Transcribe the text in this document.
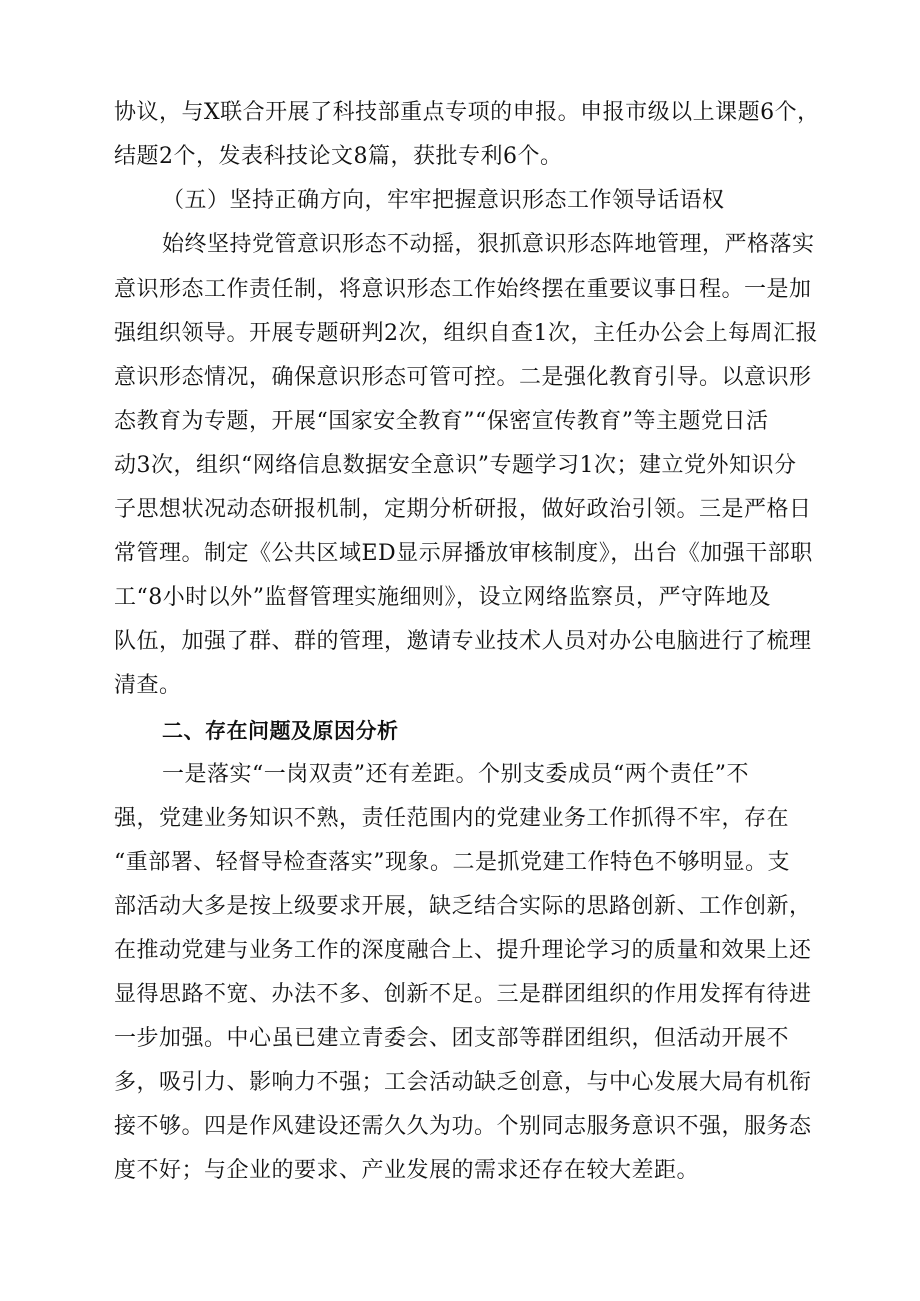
协议，与X联合开展了科技部重点专项的申报。申报市级以上课题6个，
结题2个，发表科技论文8篇，获批专利6个。
（五）坚持正确方向，牢牢把握意识形态工作领导话语权
始终坚持党管意识形态不动摇，狠抓意识形态阵地管理，严格落实
意识形态工作责任制，将意识形态工作始终摆在重要议事日程。一是加
强组织领导。开展专题研判2次，组织自查1次，主任办公会上每周汇报
意识形态情况，确保意识形态可管可控。二是强化教育引导。以意识形
态教育为专题，开展“国家安全教育”“保密宣传教育”等主题党日活
动3次，组织“网络信息数据安全意识”专题学习1次；建立党外知识分
子思想状况动态研报机制，定期分析研报，做好政治引领。三是严格日
常管理。制定《公共区域ED显示屏播放审核制度》，出台《加强干部职
工“8小时以外”监督管理实施细则》，设立网络监察员，严守阵地及
队伍，加强了群、群的管理，邀请专业技术人员对办公电脑进行了梳理
清查。
二、存在问题及原因分析
一是落实“一岗双责”还有差距。个别支委成员“两个责任”不
强，党建业务知识不熟，责任范围内的党建业务工作抓得不牢，存在
“重部署、轻督导检查落实”现象。二是抓党建工作特色不够明显。支
部活动大多是按上级要求开展，缺乏结合实际的思路创新、工作创新，
在推动党建与业务工作的深度融合上、提升理论学习的质量和效果上还
显得思路不宽、办法不多、创新不足。三是群团组织的作用发挥有待进
一步加强。中心虽已建立青委会、团支部等群团组织，但活动开展不
多，吸引力、影响力不强；工会活动缺乏创意，与中心发展大局有机衔
接不够。四是作风建设还需久久为功。个别同志服务意识不强，服务态
度不好；与企业的要求、产业发展的需求还存在较大差距。
